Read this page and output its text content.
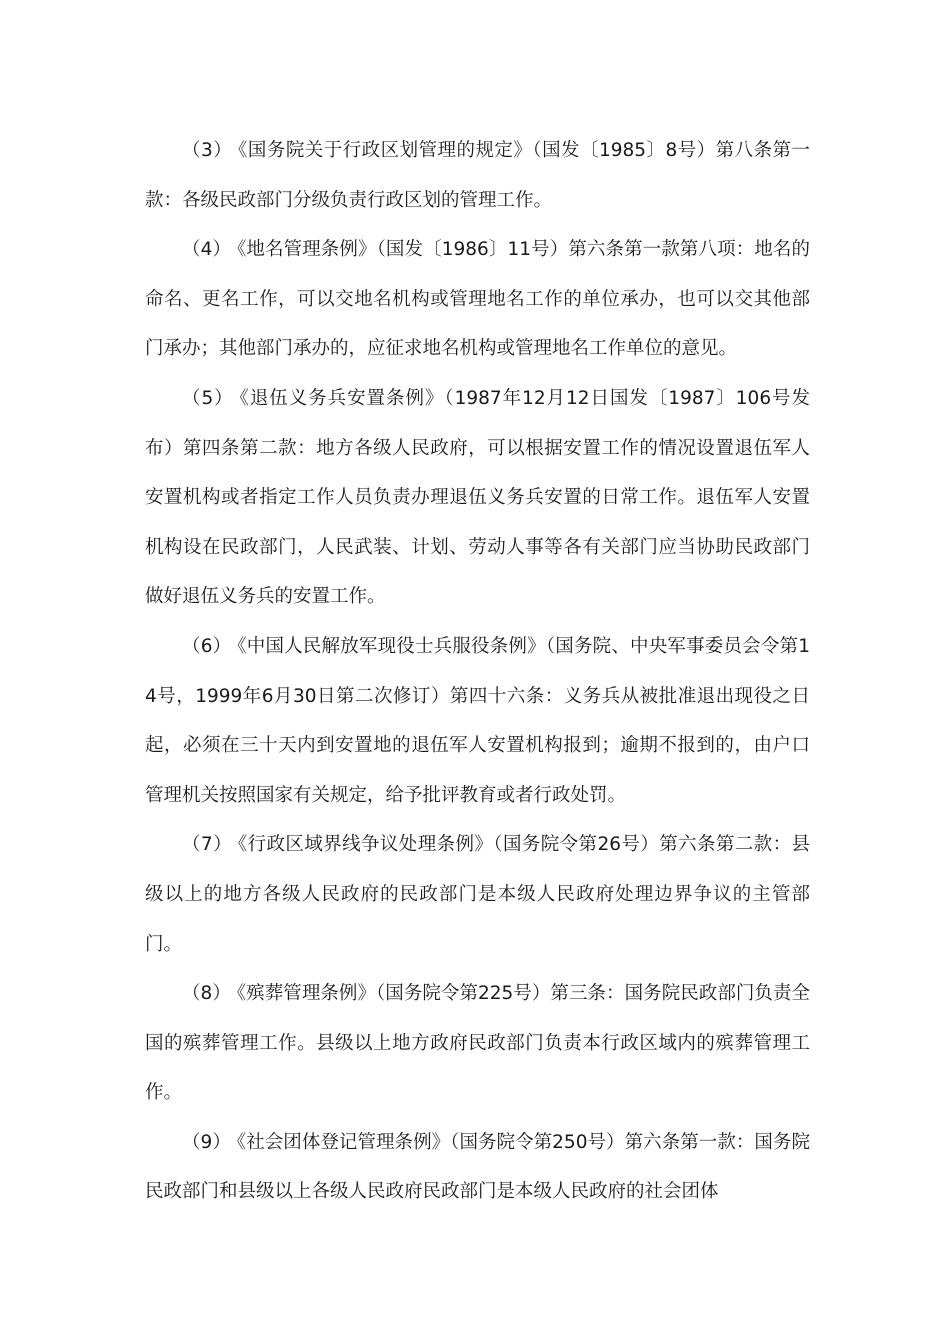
（3） 《国务院关于行政区划管理的规定》（国发〔1985〕8号）第八条第一款：各级民政部门分级负责行政区划的管理工作。

（4） 《地名管理条例》（国发〔1986〕11号）第六条第一款第八项：地名的命名、更名工作，可以交地名机构或管理地名工作的单位承办，也可以交其他部门承办；其他部门承办的，应征求地名机构或管理地名工作单位的意见。

（5） 《退伍义务兵安置条例》（1987年12月12日国发〔1987〕106号发布）第四条第二款：地方各级人民政府，可以根据安置工作的情况设置退伍军人安置机构或者指定工作人员负责办理退伍义务兵安置的日常工作。退伍军人安置机构设在民政部门，人民武装、计划、劳动人事等各有关部门应当协助民政部门做好退伍义务兵的安置工作。

（6） 《中国人民解放军现役士兵服役条例》（国务院、中央军事委员会令第14号，1999年6月30日第二次修订）第四十六条：义务兵从被批准退出现役之日起，必须在三十天内到安置地的退伍军人安置机构报到；逾期不报到的，由户口管理机关按照国家有关规定，给予批评教育或者行政处罚。

（7） 《行政区域界线争议处理条例》（国务院令第26号）第六条第二款：县级以上的地方各级人民政府的民政部门是本级人民政府处理边界争议的主管部门。

（8） 《殡葬管理条例》（国务院令第225号）第三条：国务院民政部门负责全国的殡葬管理工作。县级以上地方政府民政部门负责本行政区域内的殡葬管理工作。

（9） 《社会团体登记管理条例》（国务院令第250号）第六条第一款：国务院民政部门和县级以上各级人民政府民政部门是本级人民政府的社会团体
